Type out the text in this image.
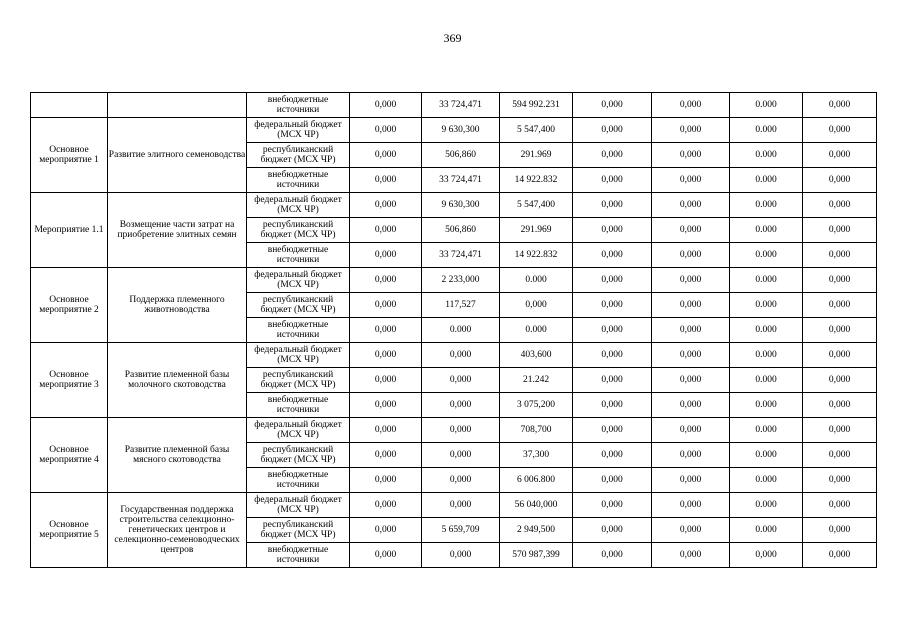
369
		внебюджетные источники	0,000	33 724,471	594 992.231	0,000	0,000	0.000	0,000
Основное мероприятие 1	Развитие элитного семеноводства	федеральный бюджет (МСХ ЧР)	0,000	9 630,300	5 547,400	0,000	0,000	0.000	0,000
		республиканский бюджет (МСХ ЧР)	0,000	506,860	291.969	0,000	0,000	0.000	0,000
		внебюджетные источники	0,000	33 724,471	14 922.832	0,000	0,000	0.000	0,000
Мероприятие 1.1	Возмещение части затрат на приобретение элитных семян	федеральный бюджет (МСХ ЧР)	0,000	9 630,300	5 547,400	0,000	0,000	0.000	0,000
		республиканский бюджет (МСХ ЧР)	0,000	506,860	291.969	0,000	0,000	0.000	0,000
		внебюджетные источники	0,000	33 724,471	14 922.832	0,000	0,000	0.000	0,000
Основное мероприятие 2	Поддержка племенного животноводства	федеральный бюджет (МСХ ЧР)	0,000	2 233,000	0.000	0,000	0,000	0.000	0,000
		республиканский бюджет (МСХ ЧР)	0,000	117,527	0,000	0,000	0,000	0.000	0,000
		внебюджетные источники	0,000	0.000	0.000	0,000	0,000	0.000	0,000
Основное мероприятие 3	Развитие племенной базы молочного скотоводства	федеральный бюджет (МСХ ЧР)	0,000	0,000	403,600	0,000	0,000	0.000	0,000
		республиканский бюджет (МСХ ЧР)	0,000	0,000	21.242	0,000	0,000	0.000	0,000
		внебюджетные источники	0,000	0,000	3 075,200	0,000	0,000	0.000	0,000
Основное мероприятие 4	Развитие племенной базы мясного скотоводства	федеральный бюджет (МСХ ЧР)	0,000	0,000	708,700	0,000	0,000	0.000	0,000
		республиканский бюджет (МСХ ЧР)	0,000	0,000	37,300	0,000	0,000	0.000	0,000
		внебюджетные источники	0,000	0,000	6 006.800	0,000	0,000	0.000	0,000
Основное мероприятие 5	Государственная поддержка строительства селекционно-генетических центров и селекционно-семеноводческих центров	федеральный бюджет (МСХ ЧР)	0,000	0,000	56 040,000	0,000	0,000	0.000	0,000
		республиканский бюджет (МСХ ЧР)	0,000	5 659,709	2 949,500	0,000	0,000	0.000	0,000
		внебюджетные источники	0,000	0,000	570 987,399	0,000	0,000	0,000	0,000
